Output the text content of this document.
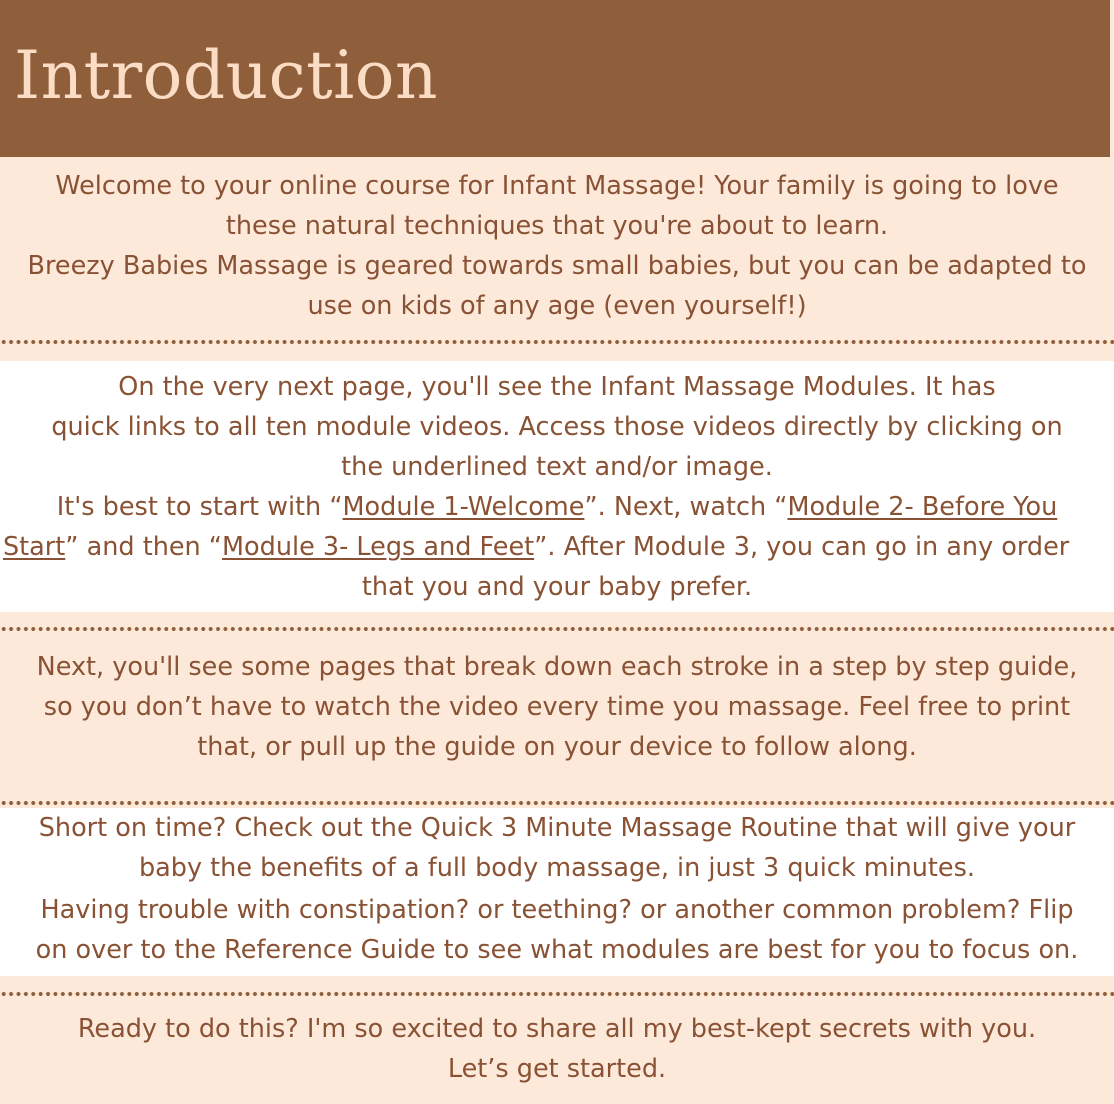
Introduction

Welcome to your online course for Infant Massage! Your family is going to love

these natural techniques that you're about to learn.

Breezy Babies Massage is geared towards small babies, but you can be adapted to

use on kids of any age (even yourself!)

On the very next page, you'll see the Infant Massage Modules. It has

quick links to all ten module videos. Access those videos directly by clicking on

the underlined text and/or image.

It's best to start with “Module 1-Welcome”. Next, watch “Module 2- Before You

Start” and then “Module 3- Legs and Feet”. After Module 3, you can go in any order

that you and your baby prefer.

Next, you'll see some pages that break down each stroke in a step by step guide,

so you don’t have to watch the video every time you massage. Feel free to print

that, or pull up the guide on your device to follow along.

Short on time? Check out the Quick 3 Minute Massage Routine that will give your

baby the benefits of a full body massage, in just 3 quick minutes.

Having trouble with constipation? or teething? or another common problem? Flip

on over to the Reference Guide to see what modules are best for you to focus on.

Ready to do this? I'm so excited to share all my best-kept secrets with you.

Let’s get started.
